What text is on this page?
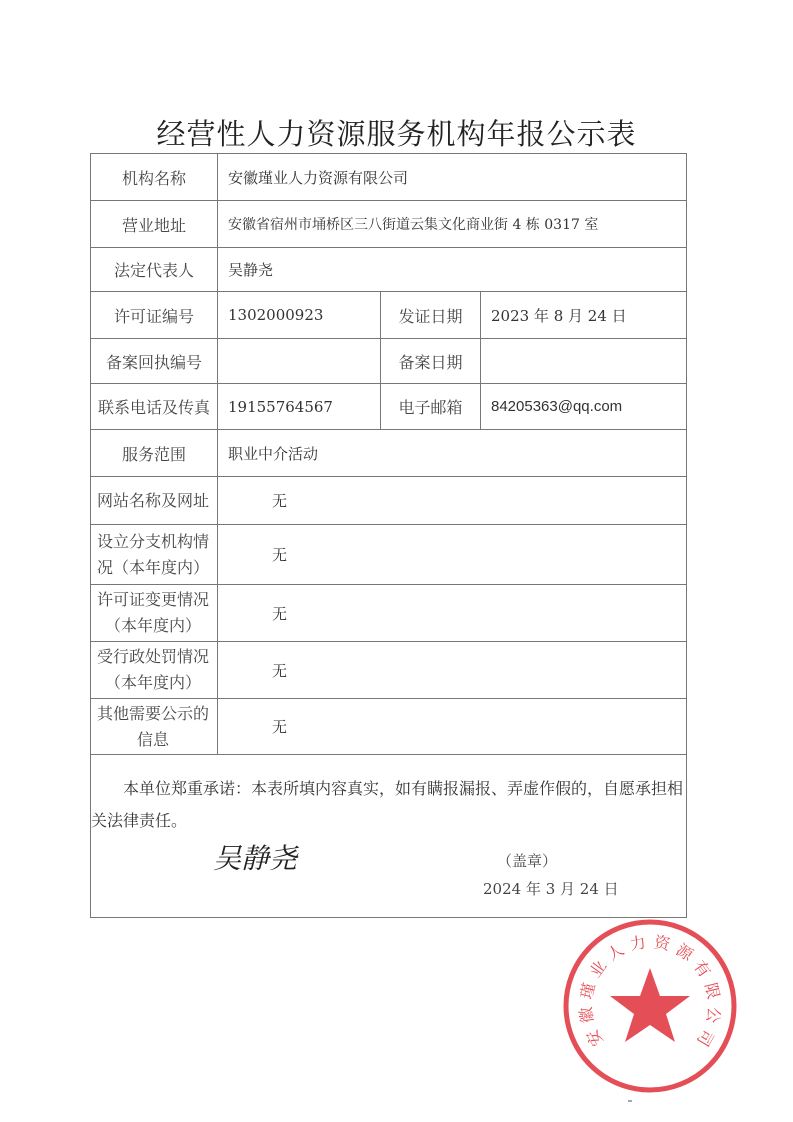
经营性人力资源服务机构年报公示表
机构名称	安徽瑾业人力资源有限公司		
营业地址	安徽省宿州市埇桥区三八街道云集文化商业街 4 栋 0317 室		
法定代表人	吴静尧		
许可证编号	1302000923	发证日期	2023 年 8 月 24 日
备案回执编号		备案日期	
联系电话及传真	19155764567	电子邮箱	84205363@qq.com
服务范围	职业中介活动		
网站名称及网址	无		
设立分支机构情
况（本年度内）	无		
许可证变更情况
（本年度内）	无		
受行政处罚情况
（本年度内）	无		
其他需要公示的
信息	无		

本单位郑重承诺：本表所填内容真实，如有瞒报漏报、弄虚作假的，自愿承担相关法律责任。
吴静尧 （盖章）
2024 年 3 月 24 日			
安
徽
瑾
业
人 力 资 源
有
限
公
司
